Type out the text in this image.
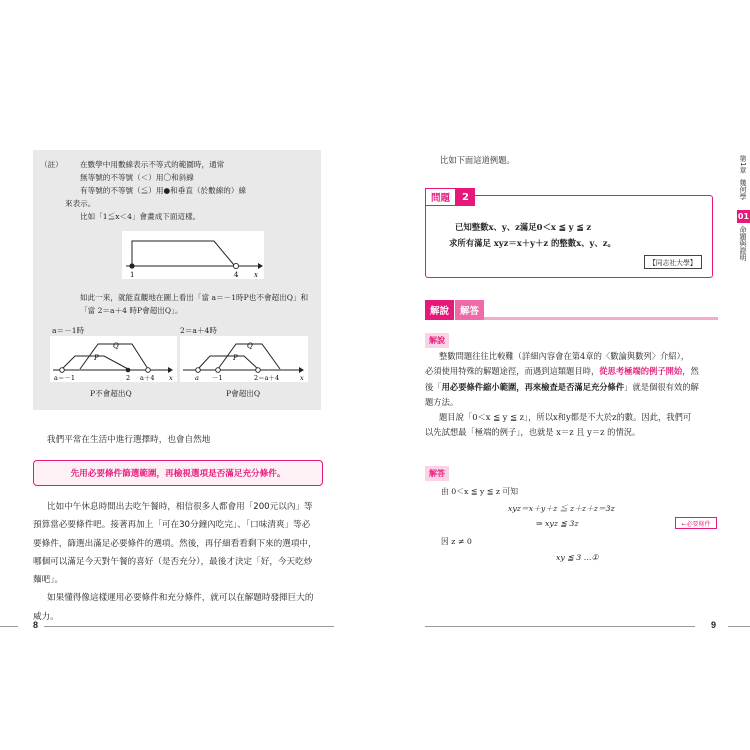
（註） 在數學中用數線表示不等式的範圍時，通常
無等號的不等號（＜）用〇和斜線
有等號的不等號（≦）用●和垂直（於數線的）線
來表示。
比如「1≦x＜4」會畫成下面這樣。
1	4 x
如此一來，就能直觀地在圖上看出「當 a＝－1時P也不會超出Q」和
「當 2＝a＋4 時P會超出Q」。
a＝－1時	2＝a＋4時
Q
P
a＝－1	2 a＋4 x
Q
P
a －1	2＝a＋4	x
P不會超出Q	P會超出Q
我們平常在生活中進行選擇時，也會自然地
先用必要條件篩選範圍，再檢視選項是否滿足充分條件。
比如中午休息時間出去吃午餐時，相信很多人都會用「200元以內」等
預算當必要條件吧。接著再加上「可在30分鐘內吃完」、「口味清爽」等必
要條件，篩選出滿足必要條件的選項。然後，再仔細看看剩下來的選項中，
哪個可以滿足今天對午餐的喜好（是否充分），最後才決定「好，今天吃炒
麵吧」。
如果懂得像這樣運用必要條件和充分條件，就可以在解題時發揮巨大的
威力。
8
比如下面這道例題。
問題	2
已知整數x、y、z滿足0＜x ≦ y ≦ z
求所有滿足 xyz＝x＋y＋z 的整數x、y、z。
【同志社大學】
解說	解答
解說
整數問題往往比較難（詳細內容會在第4章的〈數論與數列〉介紹），
必須使用特殊的解題途徑，而遇到這類題目時，從思考極端的例子開始，然
後「用必要條件縮小範圍，再來檢查是否滿足充分條件」就是個很有效的解
題方法。
題目說「0＜x ≦ y ≦ z」，所以x和y都是不大於z的數。因此，我們可
以先試想最「極端的例子」，也就是 x＝z 且 y＝z 的情況。
解答
由 0＜x ≦ y ≦ z 可知
xyz＝x＋y＋z ≦ z＋z＋z＝3z
⇒ xyz ≦ 3z	←必要條件
因 z ≠ 0
xy ≦ 3 …①
9
第1章
幾何學
01
命題與證明
